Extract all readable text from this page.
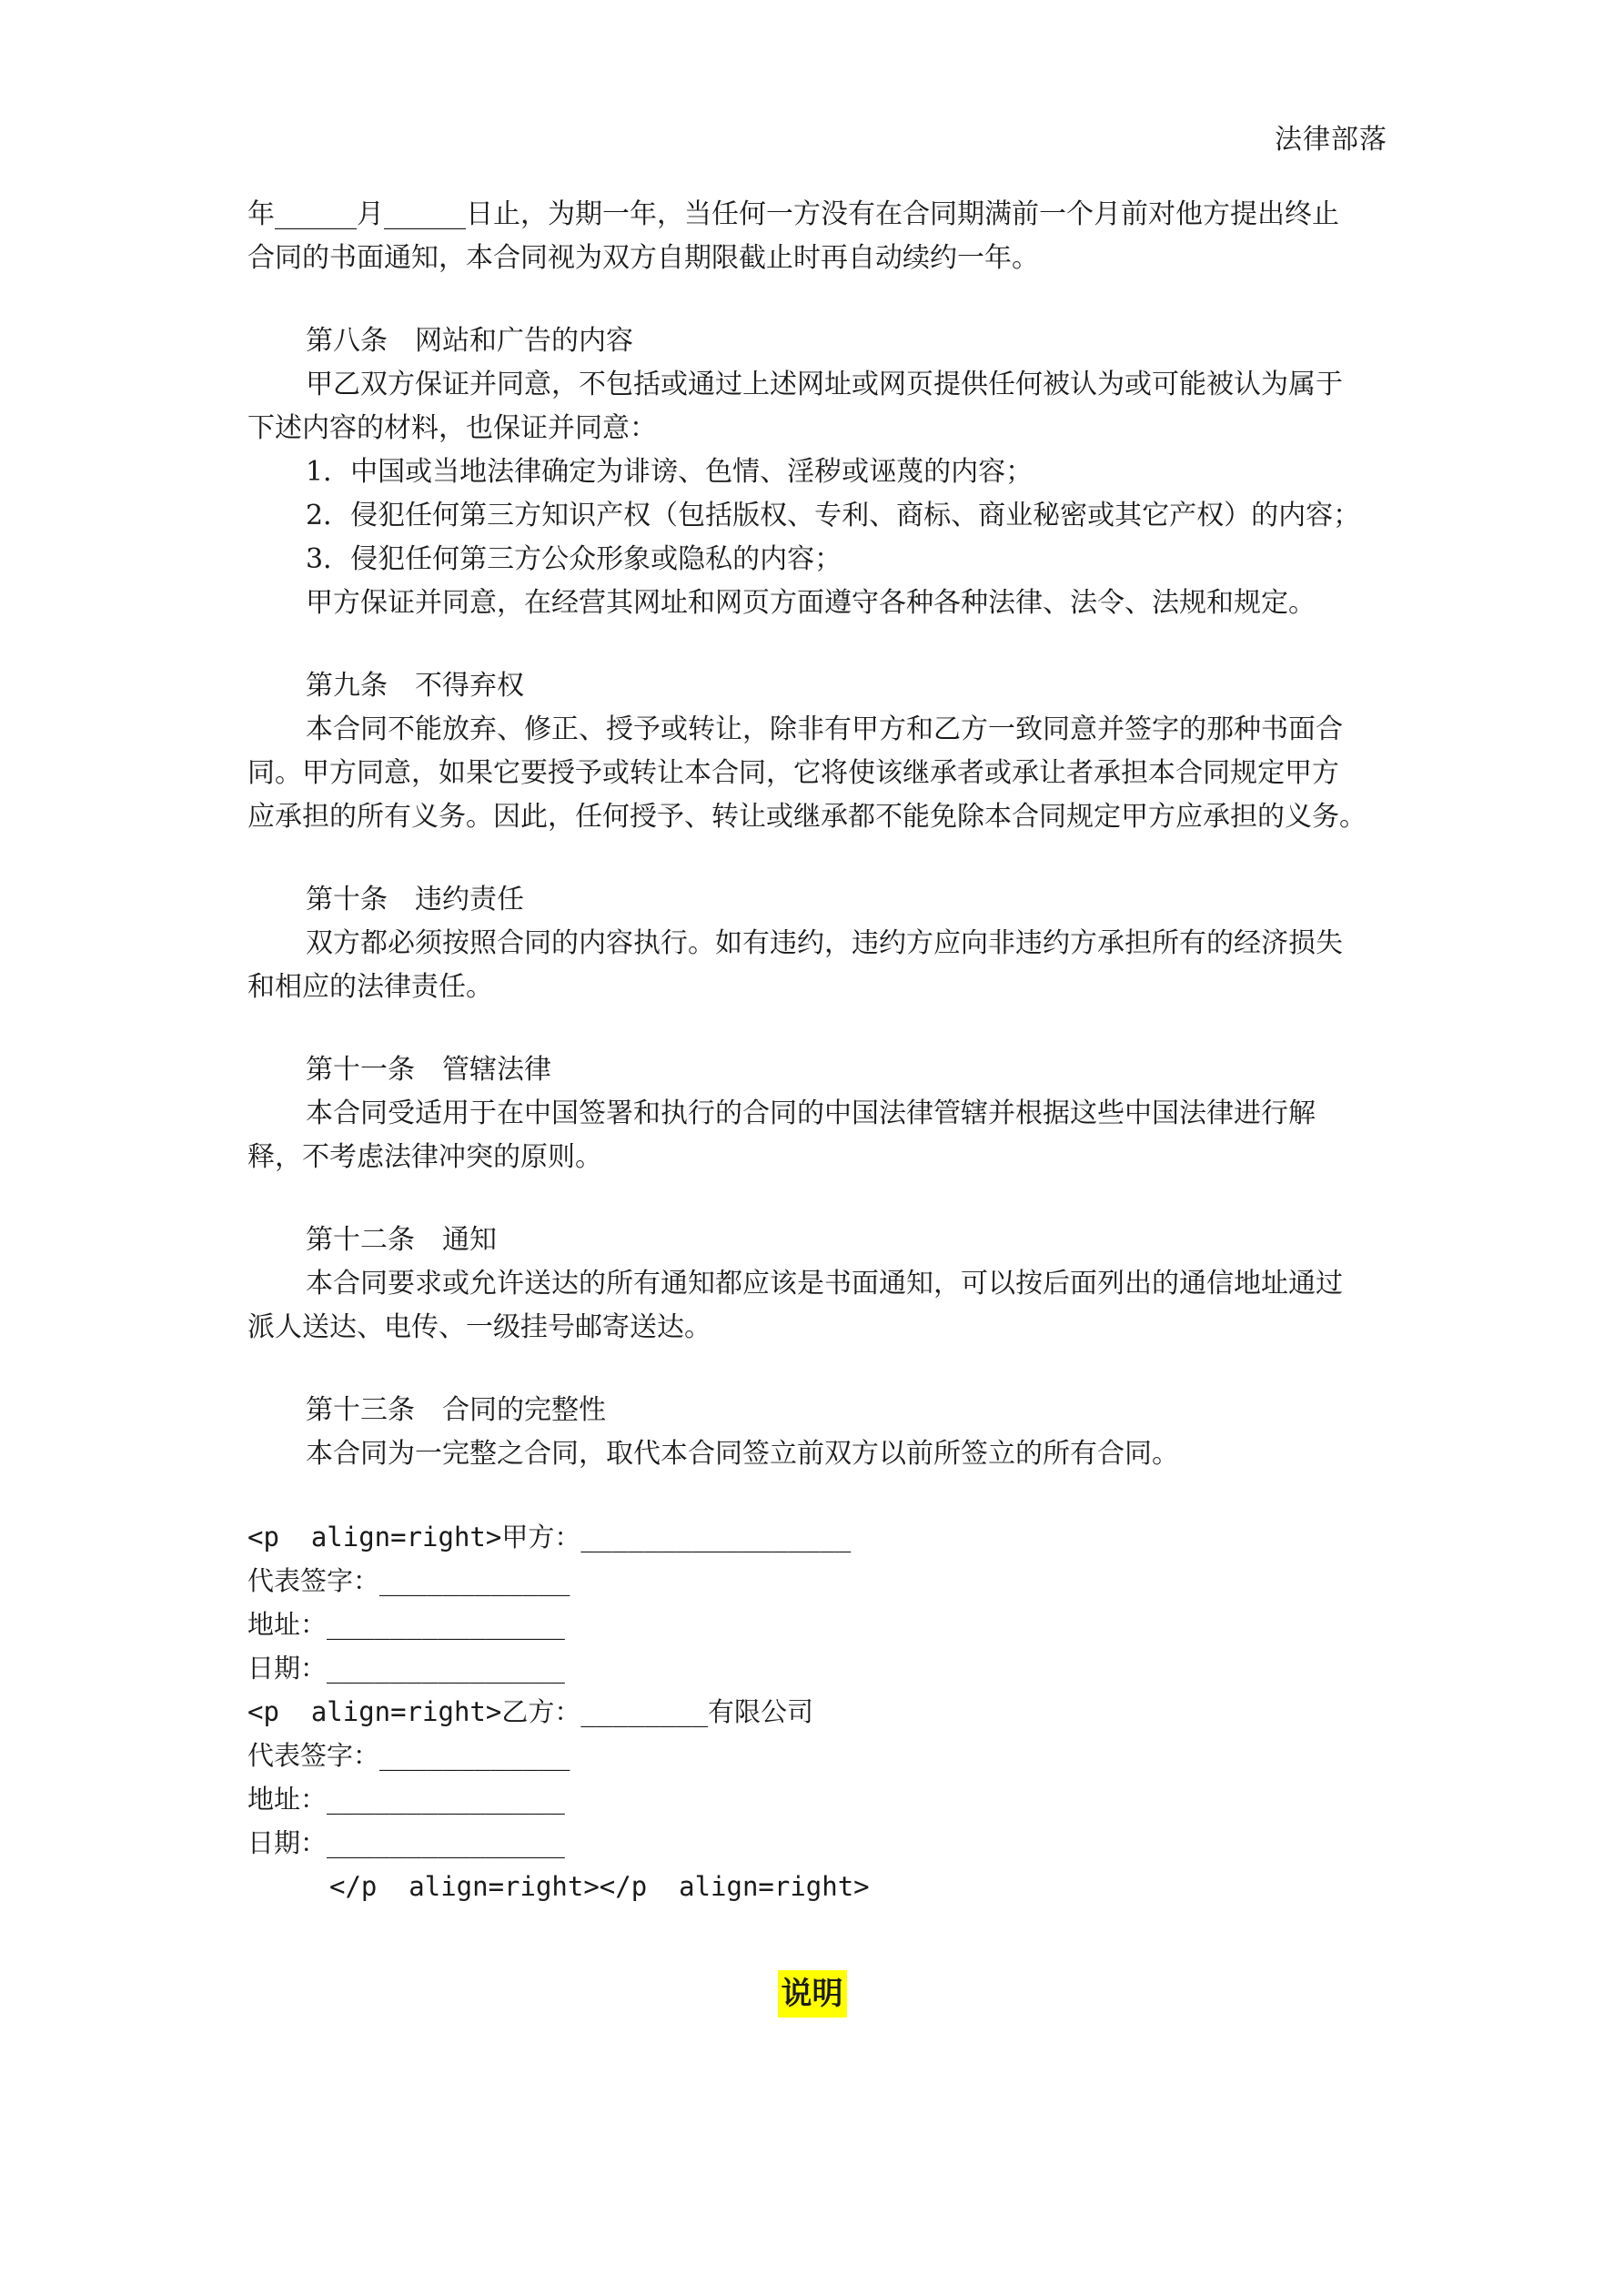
法律部落
年______月______日止，为期一年，当任何一方没有在合同期满前一个月前对他方提出终止
合同的书面通知，本合同视为双方自期限截止时再自动续约一年。
第八条　网站和广告的内容
甲乙双方保证并同意，不包括或通过上述网址或网页提供任何被认为或可能被认为属于
下述内容的材料，也保证并同意：
1．中国或当地法律确定为诽谤、色情、淫秽或诬蔑的内容；
2．侵犯任何第三方知识产权（包括版权、专利、商标、商业秘密或其它产权）的内容；
3．侵犯任何第三方公众形象或隐私的内容；
甲方保证并同意，在经营其网址和网页方面遵守各种各种法律、法令、法规和规定。
第九条　不得弃权
本合同不能放弃、修正、授予或转让，除非有甲方和乙方一致同意并签字的那种书面合
同。甲方同意，如果它要授予或转让本合同，它将使该继承者或承让者承担本合同规定甲方
应承担的所有义务。因此，任何授予、转让或继承都不能免除本合同规定甲方应承担的义务。
第十条　违约责任
双方都必须按照合同的内容执行。如有违约，违约方应向非违约方承担所有的经济损失
和相应的法律责任。
第十一条　管辖法律
本合同受适用于在中国签署和执行的合同的中国法律管辖并根据这些中国法律进行解
释，不考虑法律冲突的原则。
第十二条　通知
本合同要求或允许送达的所有通知都应该是书面通知，可以按后面列出的通信地址通过
派人送达、电传、一级挂号邮寄送达。
第十三条　合同的完整性
本合同为一完整之合同，取代本合同签立前双方以前所签立的所有合同。
<p  align=right>甲方：_________________
代表签字：____________
地址：_______________
日期：_______________
<p  align=right>乙方：________有限公司
代表签字：____________
地址：_______________
日期：_______________
</p  align=right></p  align=right>
说明
